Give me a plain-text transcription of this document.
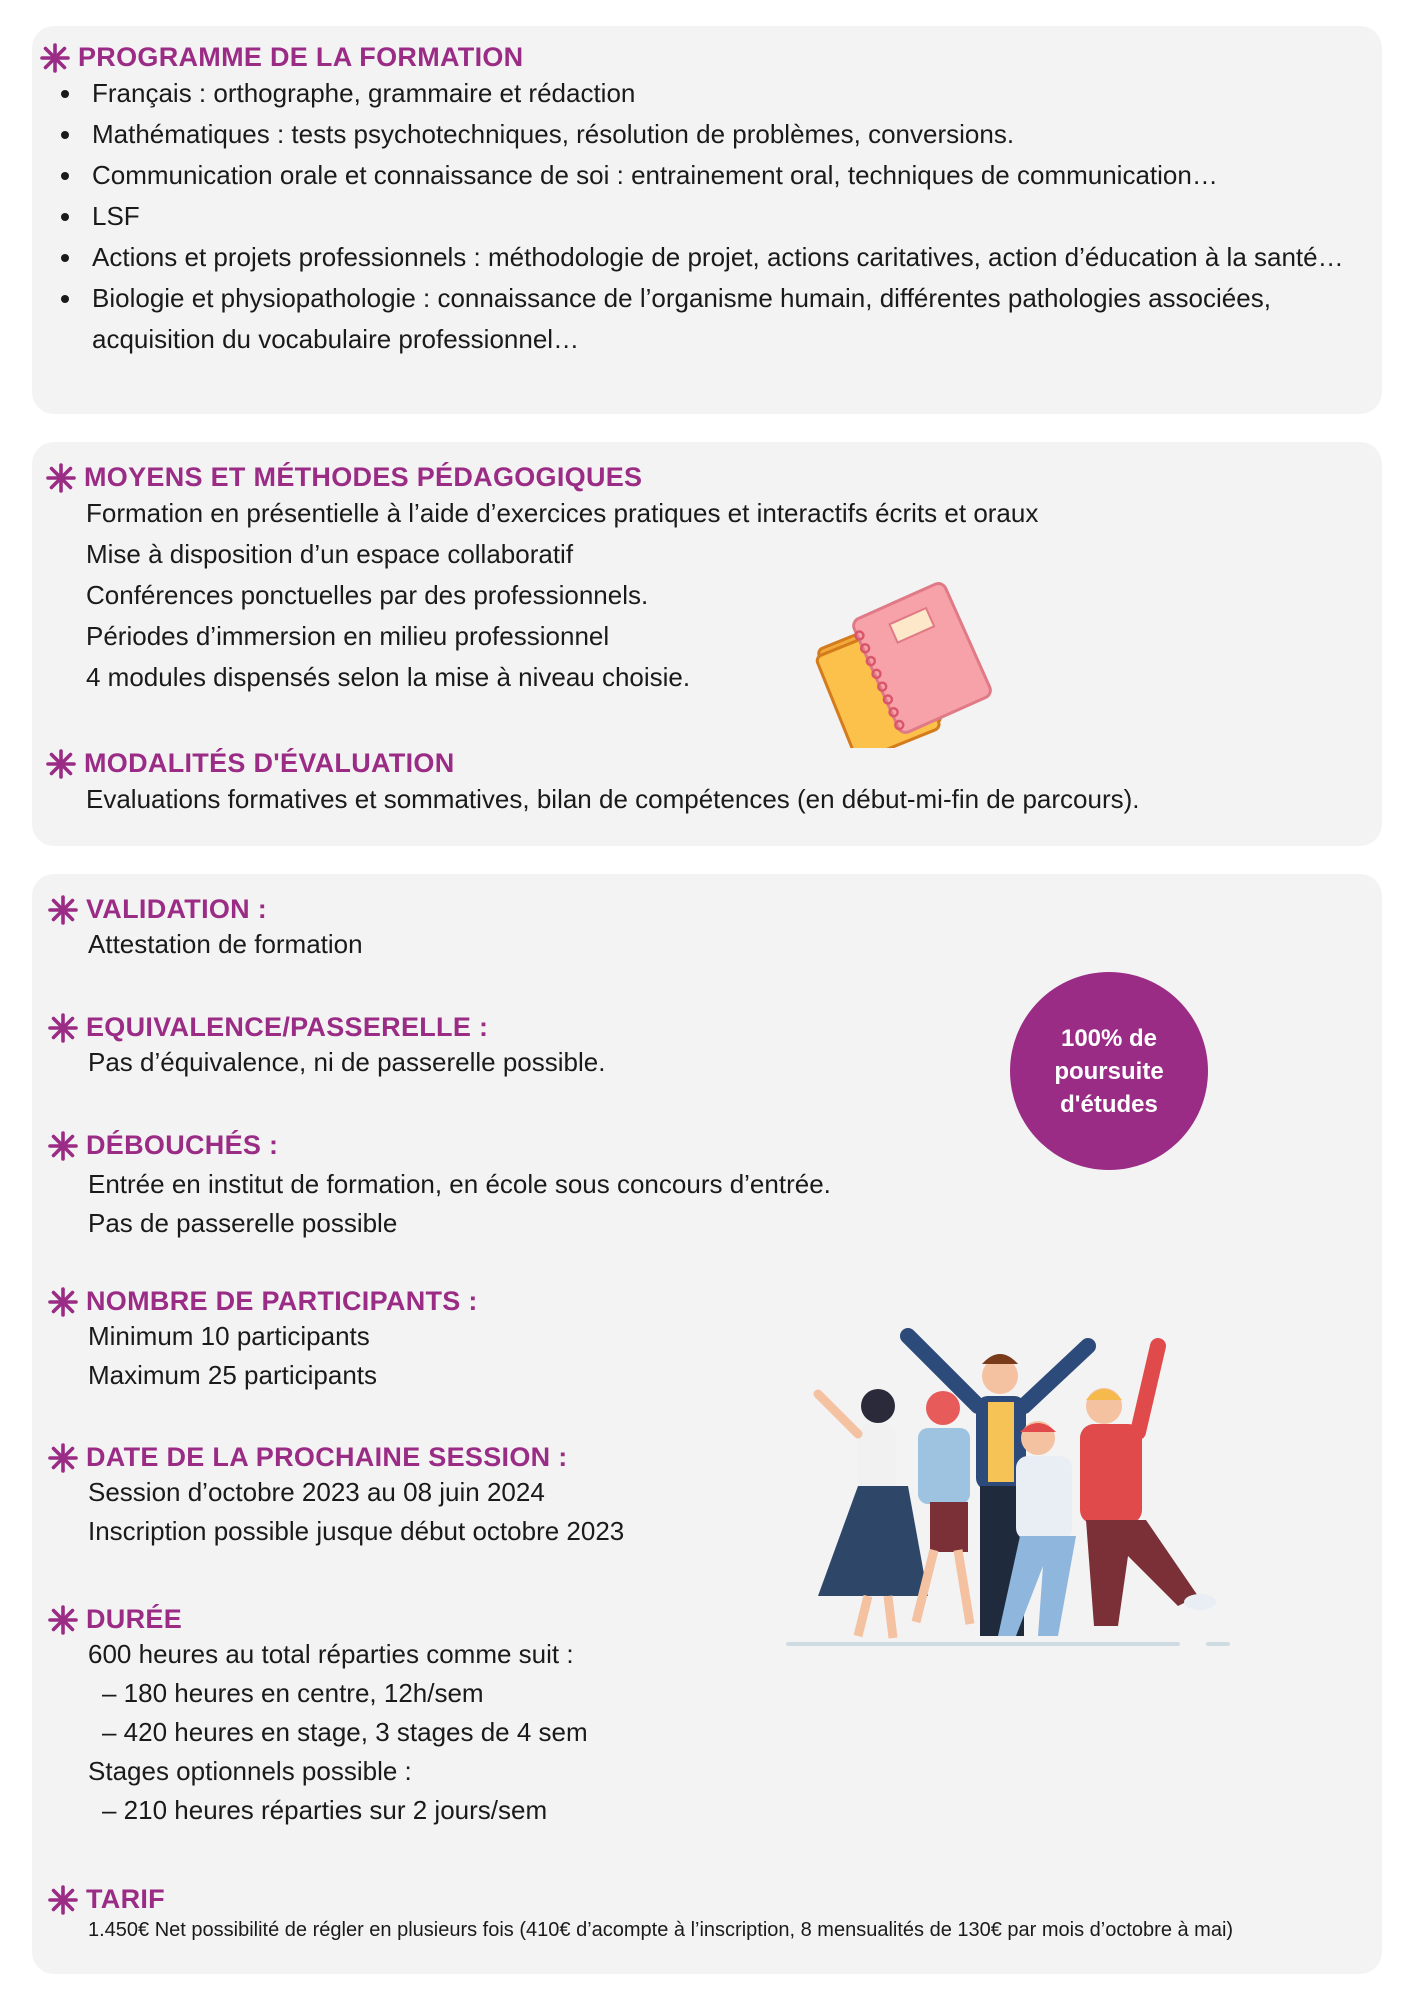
PROGRAMME DE LA FORMATION
Français : orthographe, grammaire et rédaction
Mathématiques : tests psychotechniques, résolution de problèmes, conversions.
Communication orale et connaissance de soi : entrainement oral, techniques de communication…
LSF
Actions et projets professionnels : méthodologie de projet, actions caritatives, action d’éducation à la santé…
Biologie et physiopathologie : connaissance de l’organisme humain, différentes pathologies associées, acquisition du vocabulaire professionnel…
MOYENS ET MÉTHODES PÉDAGOGIQUES
Formation en présentielle à l’aide d’exercices pratiques et interactifs écrits et oraux
Mise à disposition d’un espace collaboratif
Conférences ponctuelles par des professionnels.
Périodes d’immersion en milieu professionnel
4 modules dispensés selon la mise à niveau choisie.
MODALITÉS D'ÉVALUATION
Evaluations formatives et sommatives, bilan de compétences (en début-mi-fin de parcours).
VALIDATION :
Attestation de formation
EQUIVALENCE/PASSERELLE :
Pas d’équivalence, ni de passerelle possible.
DÉBOUCHÉS :
Entrée en institut de formation, en école sous concours d’entrée.
Pas de passerelle possible
NOMBRE DE PARTICIPANTS :
Minimum 10 participants
Maximum 25 participants
DATE DE LA PROCHAINE SESSION :
Session d’octobre 2023 au 08 juin 2024
Inscription possible jusque début octobre 2023
DURÉE
600 heures au total réparties comme suit :
– 180 heures en centre, 12h/sem
– 420 heures en stage, 3 stages de 4 sem
Stages optionnels possible :
– 210 heures réparties sur 2 jours/sem
TARIF
1.450€ Net possibilité de régler en plusieurs fois (410€ d’acompte à l’inscription, 8 mensualités de 130€ par mois d’octobre à mai)
100% de
poursuite
d'études
